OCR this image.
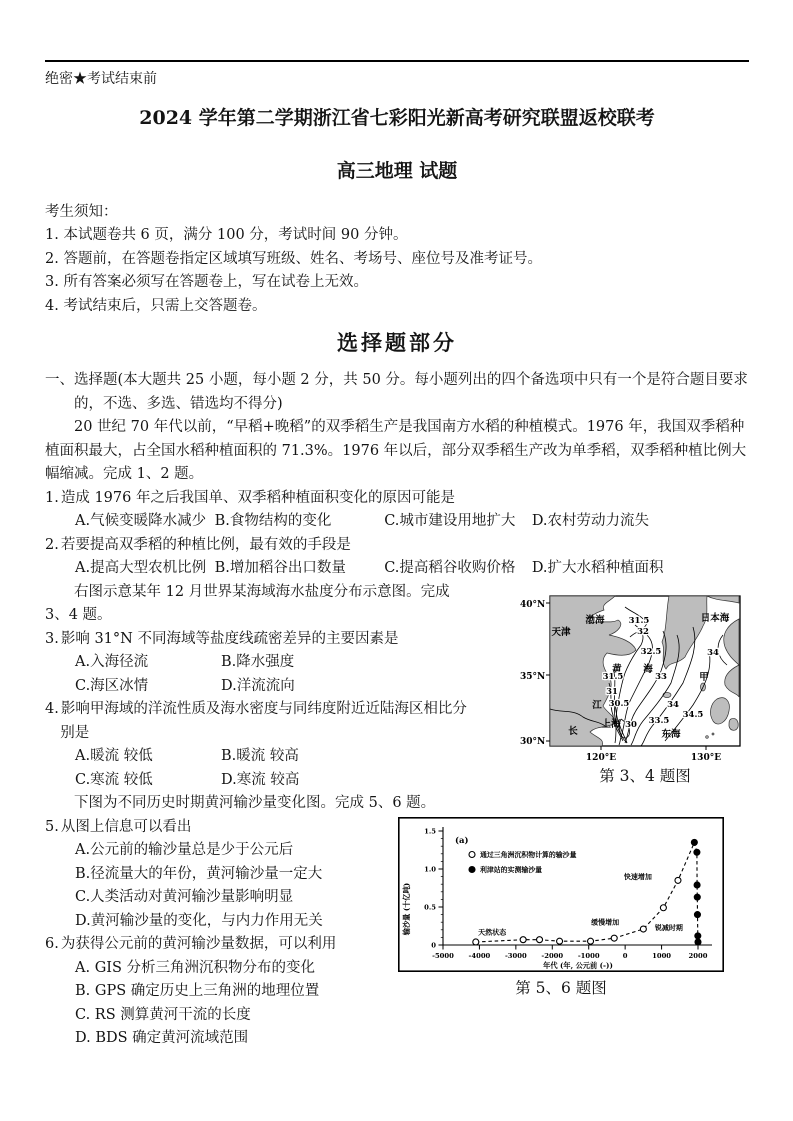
绝密★考试结束前
2024 学年第二学期浙江省七彩阳光新高考研究联盟返校联考
高三地理 试题
考生须知：
1. 本试题卷共 6 页，满分 100 分，考试时间 90 分钟。
2. 答题前，在答题卷指定区域填写班级、姓名、考场号、座位号及准考证号。
3. 所有答案必须写在答题卷上，写在试卷上无效。
4. 考试结束后，只需上交答题卷。
选择题部分
一、选择题(本大题共 25 小题，每小题 2 分，共 50 分。每小题列出的四个备选项中只有一个是符合题目要求的，不选、多选、错选均不得分)
20 世纪 70 年代以前，“早稻+晚稻”的双季稻生产是我国南方水稻的种植模式。1976 年，我国双季稻种植面积最大，占全国水稻种植面积的 71.3%。1976 年以后，部分双季稻生产改为单季稻，双季稻种植比例大幅缩减。完成 1、2 题。
1. 造成 1976 年之后我国单、双季稻种植面积变化的原因可能是
A.气候变暖降水减少 B.食物结构的变化	C.城市建设用地扩大 D.农村劳动力流失
2. 若要提高双季稻的种植比例，最有效的手段是
A.提高大型农机比例 B.增加稻谷出口数量	C.提高稻谷收购价格 D.扩大水稻种植面积
右图示意某年 12 月世界某海域海水盐度分布示意图。完成 3、4 题。
3. 影响 31°N 不同海域等盐度线疏密差异的主要因素是
A.入海径流	B.降水强度
C.海区冰情	D.洋流流向
4. 影响甲海域的洋流性质及海水密度与同纬度附近近陆海区相比分别是
A.暖流 较低	B.暖流 较高
C.寒流 较低	D.寒流 较高
下图为不同历史时期黄河输沙量变化图。完成 5、6 题。
5. 从图上信息可以看出
A.公元前的输沙量总是少于公元后
B.径流量大的年份，黄河输沙量一定大
C.人类活动对黄河输沙量影响明显
D.黄河输沙量的变化，与内力作用无关
6. 为获得公元前的黄河输沙量数据，可以利用
A. GIS 分析三角洲沉积物分布的变化
B. GPS 确定历史上三角洲的地理位置
C. RS 测算黄河干流的长度
D. BDS 确定黄河流域范围
40°N
35°N
30°N
120°E	130°E
天津
渤海	日本海
黄 海
甲
长
江
上海
东海
31.5
32
32.5
33
34
31.5
31
30.5
30 33.5
34
34.5
第 3、4 题图
0
0.5
1.0
1.5
-5000 -4000 -3000 -2000 -1000	0	1000	2000
年代 (年, 公元前 (-))
输沙量 (十亿吨)
(a)
通过三角洲沉积物计算的输沙量
利津站的实测输沙量
天然状态
缓慢增加
快速增加
锐减时期
第 5、6 题图
